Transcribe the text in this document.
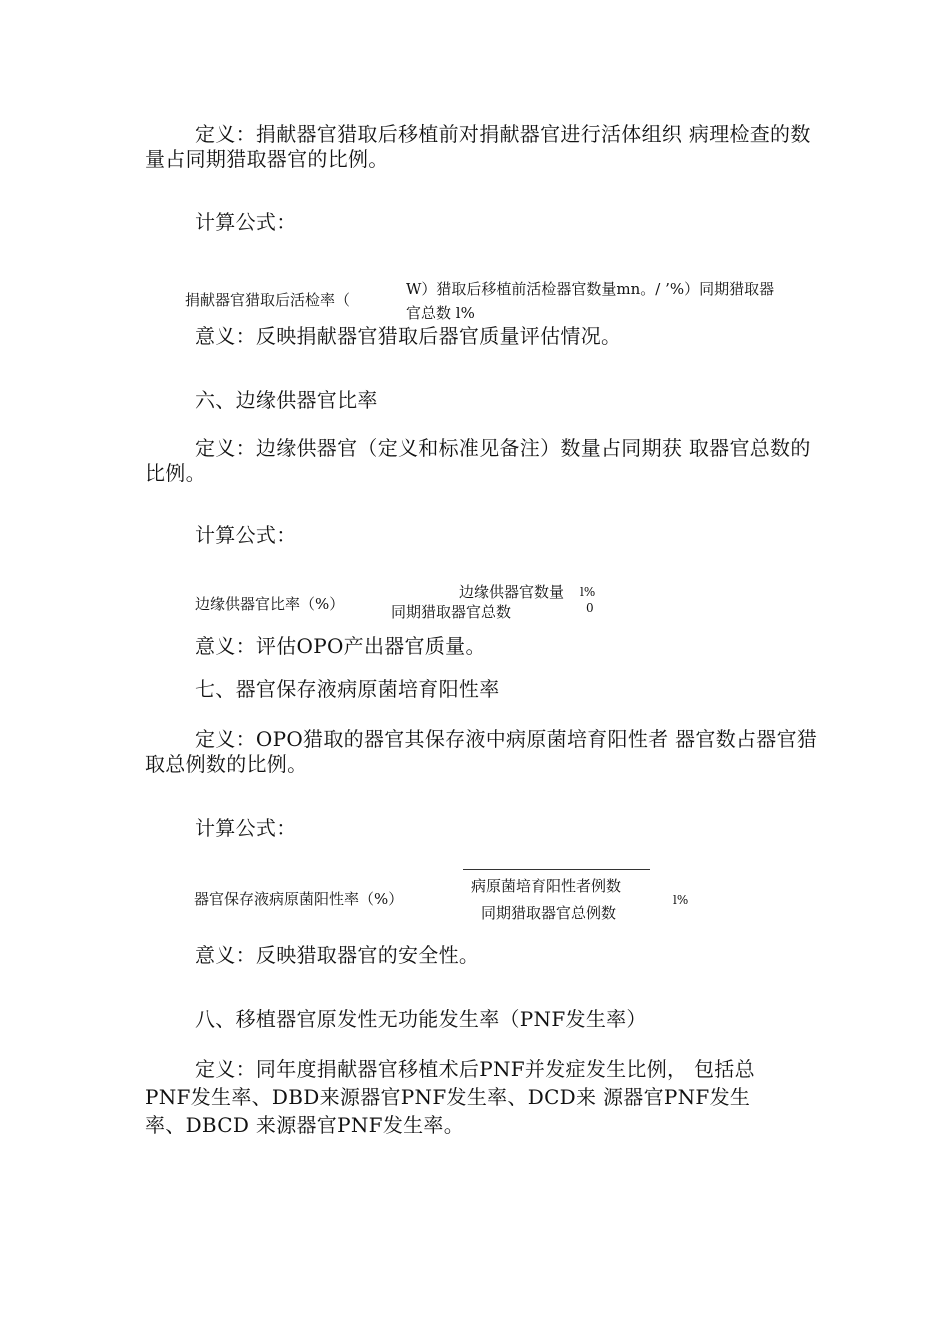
定义：捐献器官猎取后移植前对捐献器官进行活体组织 病理检查的数量占同期猎取器官的比例。

计算公式：

捐献器官猎取后活检率（

W）猎取后移植前活检器官数量mn。/ ’%）同期猎取器

官总数 l%

意义：反映捐献器官猎取后器官质量评估情况。

六、边缘供器官比率

定义：边缘供器官（定义和标准见备注）数量占同期获 取器官总数的比例。

计算公式：

边缘供器官比率（%）

边缘供器官数量

同期猎取器官总数

l%

0

意义：评估OPO产出器官质量。

七、器官保存液病原菌培育阳性率

定义：OPO猎取的器官其保存液中病原菌培育阳性者 器官数占器官猎取总例数的比例。

计算公式：

器官保存液病原菌阳性率（%）

病原菌培育阳性者例数

同期猎取器官总例数

l%

意义：反映猎取器官的安全性。

八、移植器官原发性无功能发生率（PNF发生率）

定义：同年度捐献器官移植术后PNF并发症发生比例， 包括总

PNF发生率、DBD来源器官PNF发生率、DCD来 源器官PNF发生

率、DBCD 来源器官PNF发生率。
